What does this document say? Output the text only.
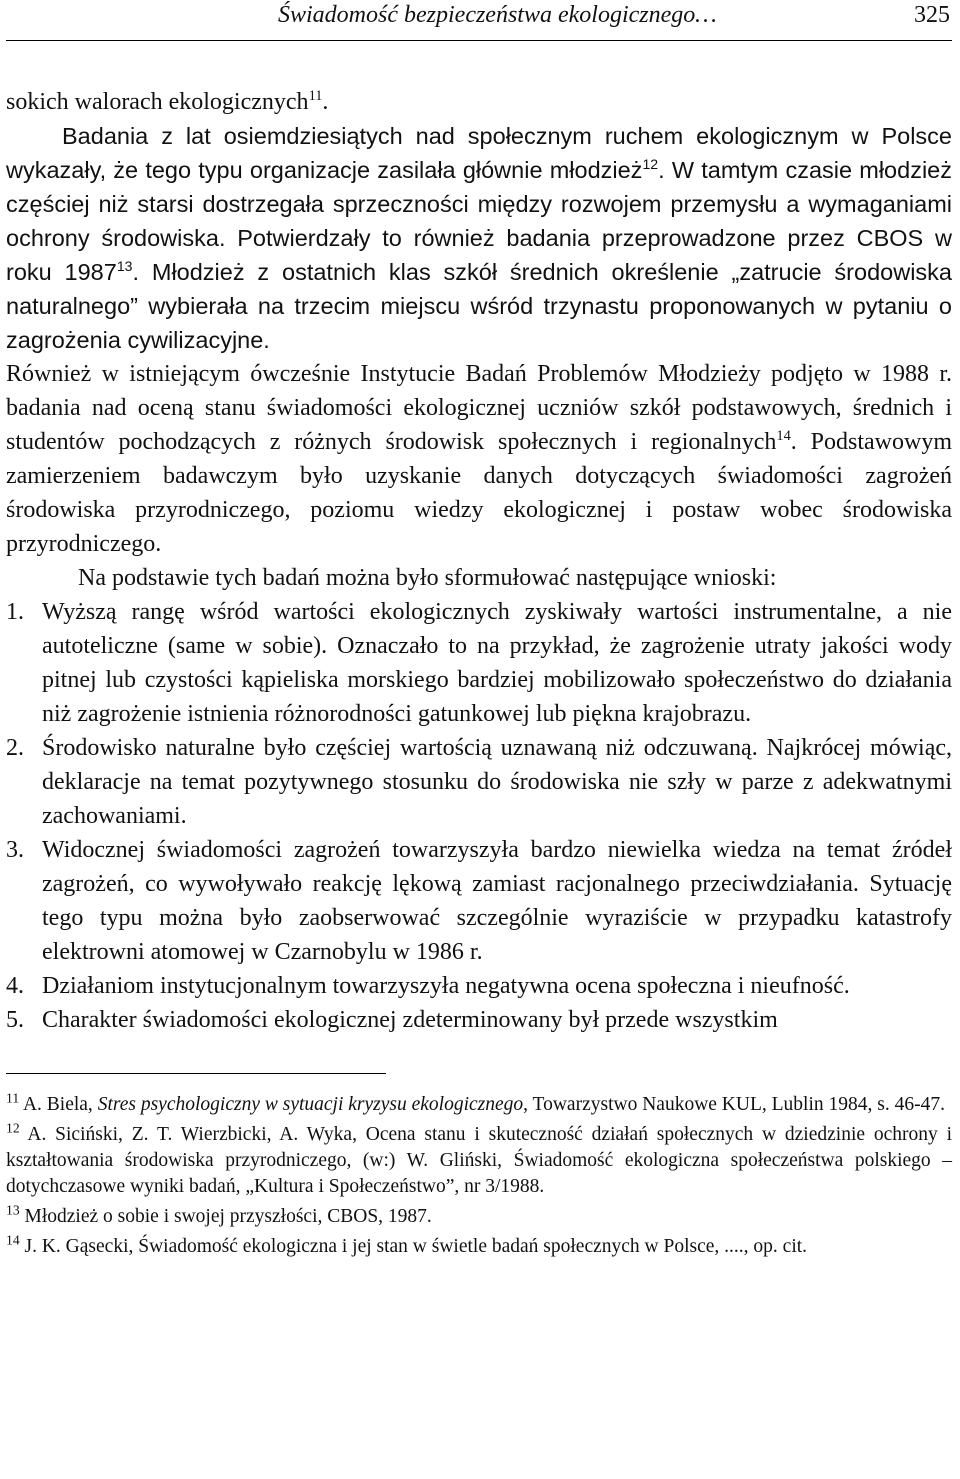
Świadomość bezpieczeństwa ekologicznego…	325

sokich walorach ekologicznych$^{11}$.

Badania z lat osiemdziesiątych nad społecznym ruchem ekologicznym w Polsce wykazały, że tego typu organizacje zasilała głównie młodzież$^{12}$. W tamtym czasie młodzież częściej niż starsi dostrzegała sprzeczności między rozwojem przemysłu a wymaganiami ochrony środowiska. Potwierdzały to również badania przeprowadzone przez CBOS w roku 1987$^{13}$. Młodzież z ostatnich klas szkół średnich określenie „zatrucie środowiska naturalnego” wybierała na trzecim miejscu wśród trzynastu proponowanych w pytaniu o zagrożenia cywilizacyjne.

Również w istniejącym ówcześnie Instytucie Badań Problemów Młodzieży podjęto w 1988 r. badania nad oceną stanu świadomości ekologicznej uczniów szkół podstawowych, średnich i studentów pochodzących z różnych środowisk społecznych i regionalnych$^{14}$. Podstawowym zamierzeniem badawczym było uzyskanie danych dotyczących świadomości zagrożeń środowiska przyrodniczego, poziomu wiedzy ekologicznej i postaw wobec środowiska przyrodniczego.

Na podstawie tych badań można było sformułować następujące wnioski:

1. Wyższą rangę wśród wartości ekologicznych zyskiwały wartości instrumentalne, a nie autoteliczne (same w sobie). Oznaczało to na przykład, że zagrożenie utraty jakości wody pitnej lub czystości kąpieliska morskiego bardziej mobilizowało społeczeństwo do działania niż zagrożenie istnienia różnorodności gatunkowej lub piękna krajobrazu.
2. Środowisko naturalne było częściej wartością uznawaną niż odczuwaną. Najkrócej mówiąc, deklaracje na temat pozytywnego stosunku do środowiska nie szły w parze z adekwatnymi zachowaniami.
3. Widocznej świadomości zagrożeń towarzyszyła bardzo niewielka wiedza na temat źródeł zagrożeń, co wywoływało reakcję lękową zamiast racjonalnego przeciwdziałania. Sytuację tego typu można było zaobserwować szczególnie wyraziście w przypadku katastrofy elektrowni atomowej w Czarnobylu w 1986 r.
4. Działaniom instytucjonalnym towarzyszyła negatywna ocena społeczna i nieufność.
5. Charakter świadomości ekologicznej zdeterminowany był przede wszystkim

$^{11}$ A. Biela, Stres psychologiczny w sytuacji kryzysu ekologicznego, Towarzystwo Naukowe KUL, Lublin 1984, s. 46-47.

$^{12}$ A. Siciński, Z. T. Wierzbicki, A. Wyka, Ocena stanu i skuteczność działań społecznych w dziedzinie ochrony i kształtowania środowiska przyrodniczego, (w:) W. Gliński, Świadomość ekologiczna społeczeństwa polskiego – dotychczasowe wyniki badań, „Kultura i Społeczeństwo”, nr 3/1988.

$^{13}$ Młodzież o sobie i swojej przyszłości, CBOS, 1987.

$^{14}$ J. K. Gąsecki, Świadomość ekologiczna i jej stan w świetle badań społecznych w Polsce, ...., op. cit.
